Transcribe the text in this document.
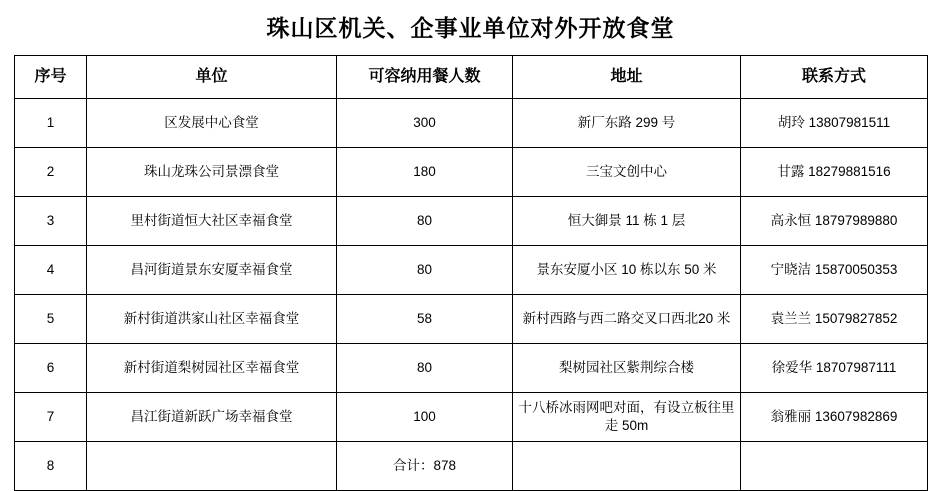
珠山区机关、企事业单位对外开放食堂
序号	单位	可容纳用餐人数	地址	联系方式
1	区发展中心食堂	300	新厂东路 299 号	胡玲 13807981511
2	珠山龙珠公司景漂食堂	180	三宝文创中心	甘露 18279881516
3	里村街道恒大社区幸福食堂	80	恒大御景 11 栋 1 层	高永恒 18797989880
4	昌河街道景东安厦幸福食堂	80	景东安厦小区 10 栋以东 50 米	宁晓洁 15870050353
5	新村街道洪家山社区幸福食堂	58	新村西路与西二路交叉口西北20 米	袁兰兰 15079827852
6	新村街道梨树园社区幸福食堂	80	梨树园社区紫荆综合楼	徐爱华 18707987111
7	昌江街道新跃广场幸福食堂	100	十八桥冰雨网吧对面，有设立板往里走 50m	翁雅丽 13607982869
8		合计：878		
